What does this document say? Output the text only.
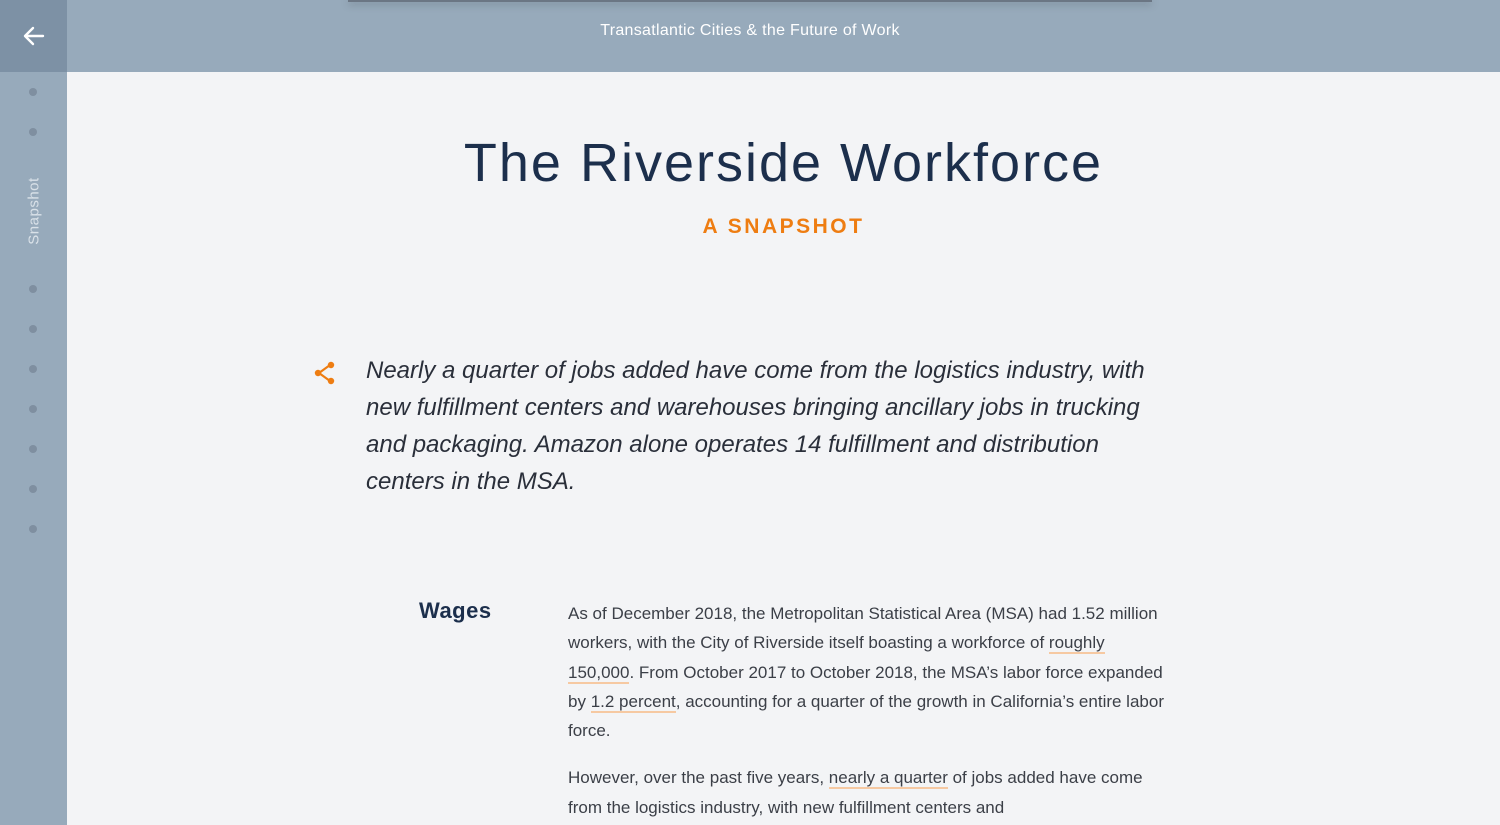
Transatlantic Cities & the Future of Work
Snapshot
The Riverside Workforce
A SNAPSHOT
Nearly a quarter of jobs added have come from the logistics industry, with new fulfillment centers and warehouses bringing ancillary jobs in trucking and packaging. Amazon alone operates 14 fulfillment and distribution centers in the MSA.
Wages	As of December 2018, the Metropolitan Statistical Area (MSA) had 1.52 million workers, with the City of Riverside itself boasting a workforce of roughly 150,000. From October 2017 to October 2018, the MSA’s labor force expanded by 1.2 percent, accounting for a quarter of the growth in California’s entire labor force.

However, over the past five years, nearly a quarter of jobs added have come from the logistics industry, with new fulfillment centers and
